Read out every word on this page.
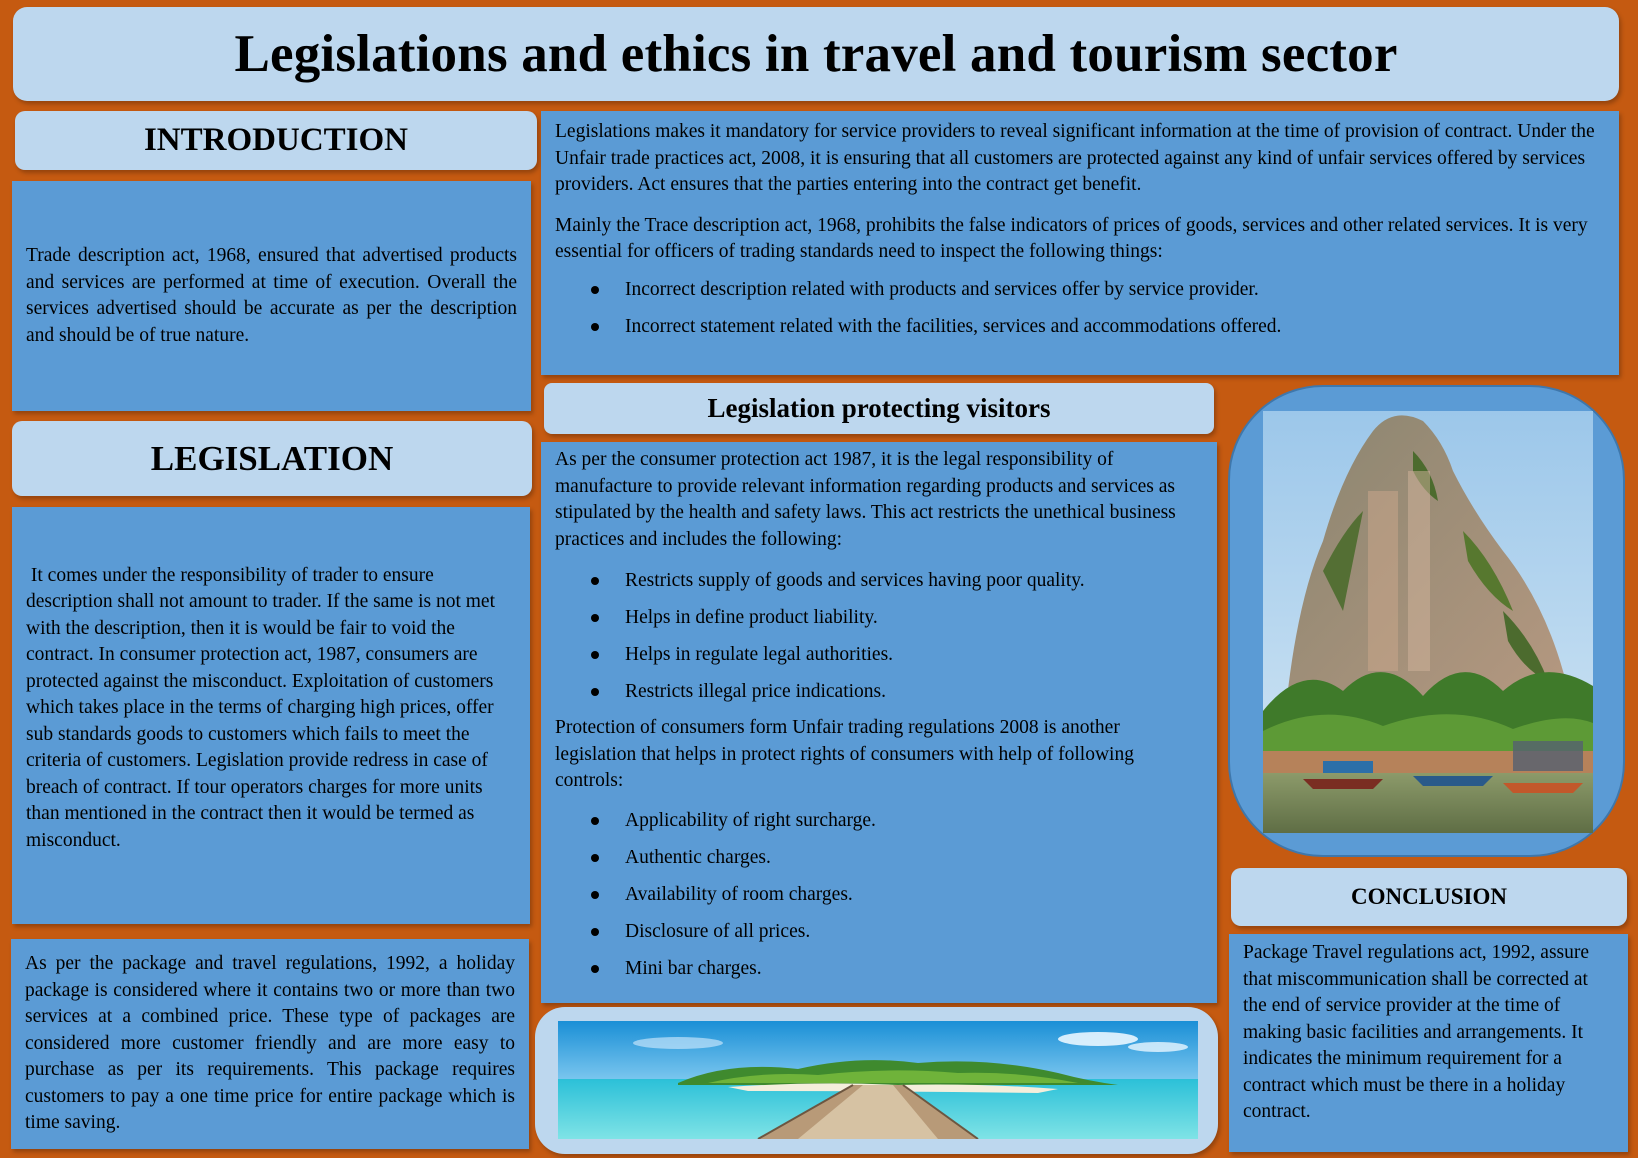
Legislations and ethics in travel and tourism sector
INTRODUCTION

Trade description act, 1968, ensured that advertised products and services are performed at time of execution. Overall the services advertised should be accurate as per the description and should be of true nature.

Legislations makes it mandatory for service providers to reveal significant information at the time of provision of contract. Under the Unfair trade practices act, 2008, it is ensuring that all customers are protected against any kind of unfair services offered by services providers. Act ensures that the parties entering into the contract get benefit.

Mainly the Trace description act, 1968, prohibits the false indicators of prices of goods, services and other related services. It is very essential for officers of trading standards need to inspect the following things:

Incorrect description related with products and services offer by service provider.
Incorrect statement related with the facilities, services and accommodations offered.
LEGISLATION

It comes under the responsibility of trader to ensure description shall not amount to trader. If the same is not met with the description, then it is would be fair to void the contract. In consumer protection act, 1987, consumers are protected against the misconduct. Exploitation of customers which takes place in the terms of charging high prices, offer sub standards goods to customers which fails to meet the criteria of customers. Legislation provide redress in case of breach of contract. If tour operators charges for more units than mentioned in the contract then it would be termed as misconduct.

As per the package and travel regulations, 1992, a holiday package is considered where it contains two or more than two services at a combined price. These type of packages are considered more customer friendly and are more easy to purchase as per its requirements. This package requires customers to pay a one time price for entire package which is time saving.

Legislation protecting visitors

As per the consumer protection act 1987, it is the legal responsibility of manufacture to provide relevant information regarding products and services as stipulated by the health and safety laws. This act restricts the unethical business practices and includes the following:

Restricts supply of goods and services having poor quality.
Helps in define product liability.
Helps in regulate legal authorities.
Restricts illegal price indications.

Protection of consumers form Unfair trading regulations 2008 is another legislation that helps in protect rights of consumers with help of following controls:

Applicability of right surcharge.
Authentic charges.
Availability of room charges.
Disclosure of all prices.
Mini bar charges.
CONCLUSION

Package Travel regulations act, 1992, assure that miscommunication shall be corrected at the end of service provider at the time of making basic facilities and arrangements. It indicates the minimum requirement for a contract which must be there in a holiday contract.
